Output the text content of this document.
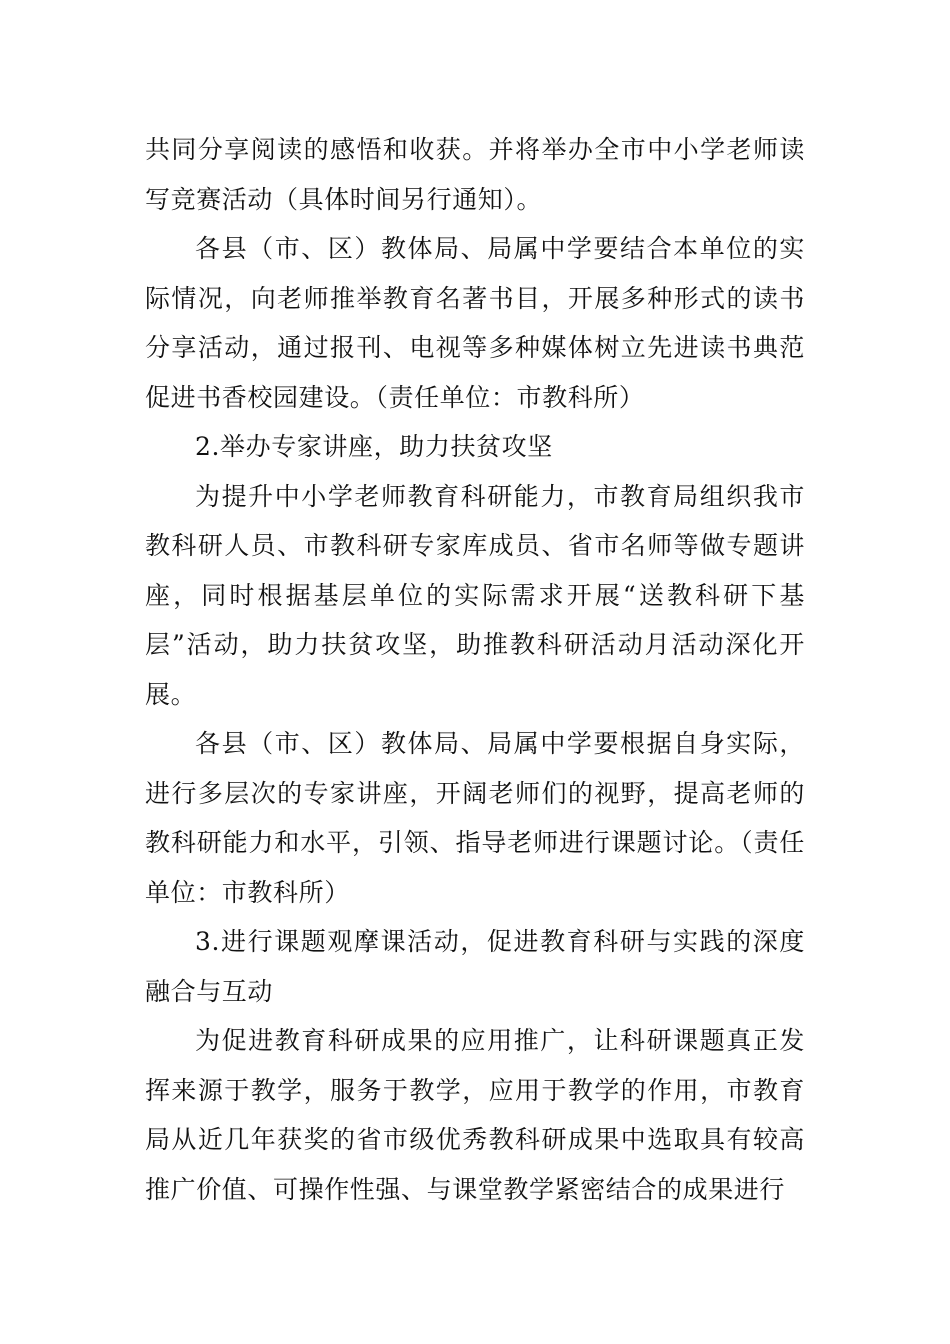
共同分享阅读的感悟和收获。并将举办全市中小学老师读写竞赛活动（具体时间另行通知）。

各县（市、区）教体局、局属中学要结合本单位的实际情况，向老师推举教育名著书目，开展多种形式的读书分享活动，通过报刊、电视等多种媒体树立先进读书典范促进书香校园建设。（责任单位：市教科所）

2.举办专家讲座，助力扶贫攻坚

为提升中小学老师教育科研能力，市教育局组织我市教科研人员、市教科研专家库成员、省市名师等做专题讲座，同时根据基层单位的实际需求开展“送教科研下基层”活动，助力扶贫攻坚，助推教科研活动月活动深化开展。

各县（市、区）教体局、局属中学要根据自身实际，进行多层次的专家讲座，开阔老师们的视野，提高老师的教科研能力和水平，引领、指导老师进行课题讨论。（责任单位：市教科所）

3.进行课题观摩课活动，促进教育科研与实践的深度融合与互动

为促进教育科研成果的应用推广，让科研课题真正发挥来源于教学，服务于教学，应用于教学的作用，市教育局从近几年获奖的省市级优秀教科研成果中选取具有较高推广价值、可操作性强、与课堂教学紧密结合的成果进行
